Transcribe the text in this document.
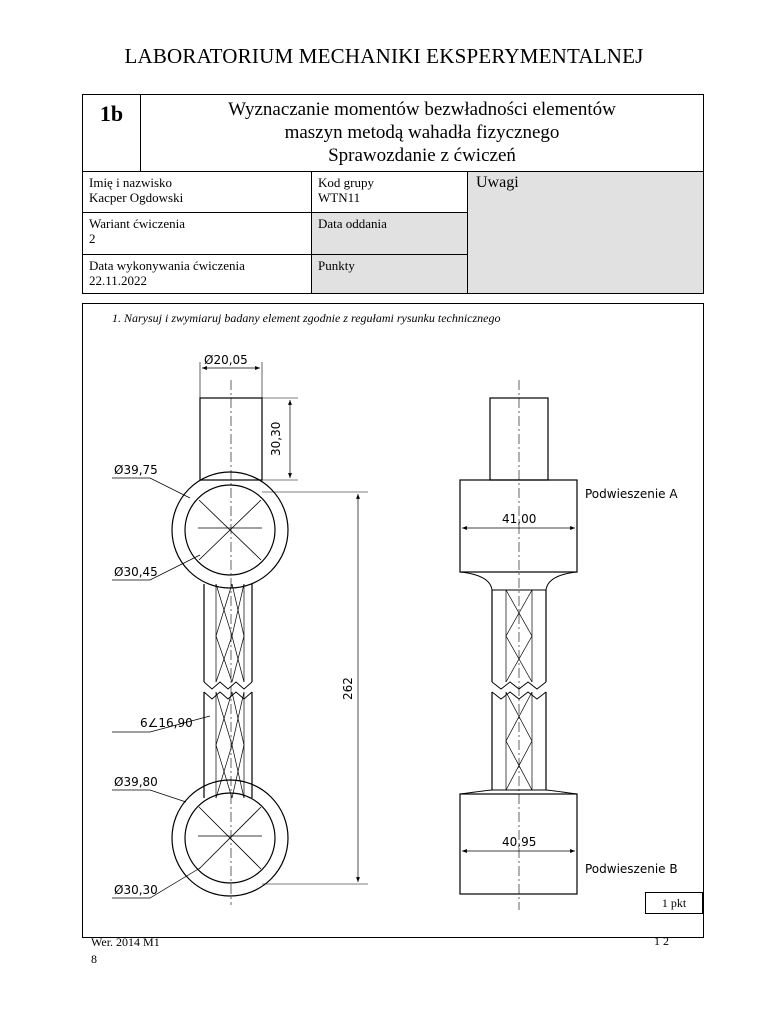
LABORATORIUM MECHANIKI EKSPERYMENTALNEJ
1b	Wyznaczanie momentów bezwładności elementów
maszyn metodą wahadła fizycznego
Sprawozdanie z ćwiczeń
Imię i nazwisko
Kacper Ogdowski
Kod grupy
WTN11
Uwagi
Wariant ćwiczenia
2
Data oddania
Data wykonywania ćwiczenia
22.11.2022
Punkty
1. Narysuj i zwymiaruj badany element zgodnie z regułami rysunku technicznego
Ø20,05
30,30
Ø39,75
Ø30,45
262
6∠16,90
Ø39,80
Ø30,30
41,00
40,95
Podwieszenie A
Podwieszenie B
1 pkt
Wer. 2014 M1
8
1 2
